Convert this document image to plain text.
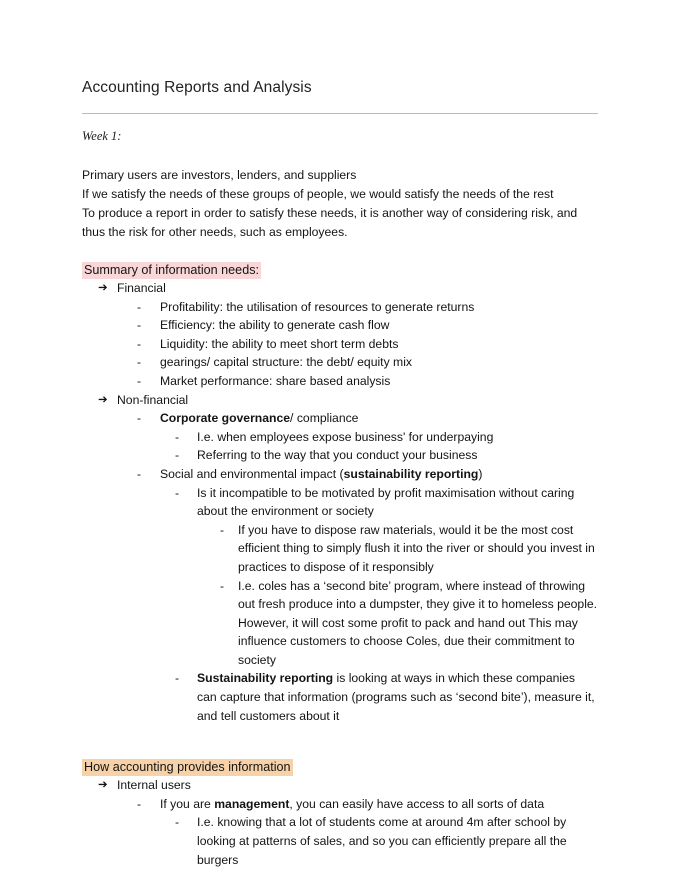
Accounting Reports and Analysis
Week 1:
Primary users are investors, lenders, and suppliers
If we satisfy the needs of these groups of people, we would satisfy the needs of the rest
To produce a report in order to satisfy these needs, it is another way of considering risk, and thus the risk for other needs, such as employees.
Summary of information needs:
➔ Financial
- Profitability: the utilisation of resources to generate returns
- Efficiency: the ability to generate cash flow
- Liquidity: the ability to meet short term debts
- gearings/ capital structure: the debt/ equity mix
- Market performance: share based analysis
➔ Non-financial
- Corporate governance/ compliance
- I.e. when employees expose business' for underpaying
- Referring to the way that you conduct your business
- Social and environmental impact (sustainability reporting)
- Is it incompatible to be motivated by profit maximisation without caring about the environment or society
- If you have to dispose raw materials, would it be the most cost efficient thing to simply flush it into the river or should you invest in practices to dispose of it responsibly
- I.e. coles has a ‘second bite’ program, where instead of throwing out fresh produce into a dumpster, they give it to homeless people. However, it will cost some profit to pack and hand out This may influence customers to choose Coles, due their commitment to society
- Sustainability reporting is looking at ways in which these companies can capture that information (programs such as ‘second bite’), measure it, and tell customers about it
How accounting provides information
➔ Internal users
- If you are management, you can easily have access to all sorts of data
- I.e. knowing that a lot of students come at around 4m after school by looking at patterns of sales, and so you can efficiently prepare all the burgers
